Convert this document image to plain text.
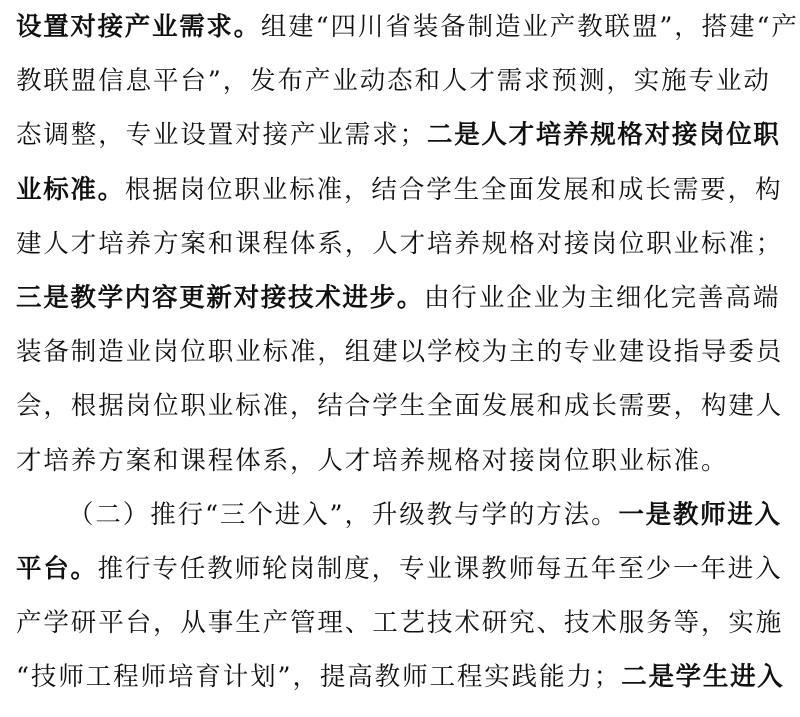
设置对接产业需求。组建“四川省装备制造业产教联盟”，搭建“产
教联盟信息平台”，发布产业动态和人才需求预测，实施专业动
态调整，专业设置对接产业需求；二是人才培养规格对接岗位职
业标准。根据岗位职业标准，结合学生全面发展和成长需要，构
建人才培养方案和课程体系，人才培养规格对接岗位职业标准；
三是教学内容更新对接技术进步。由行业企业为主细化完善高端
装备制造业岗位职业标准，组建以学校为主的专业建设指导委员
会，根据岗位职业标准，结合学生全面发展和成长需要，构建人
才培养方案和课程体系，人才培养规格对接岗位职业标准。
（二）推行“三个进入”，升级教与学的方法。一是教师进入
平台。推行专任教师轮岗制度，专业课教师每五年至少一年进入
产学研平台，从事生产管理、工艺技术研究、技术服务等，实施
“技师工程师培育计划”，提高教师工程实践能力；二是学生进入
